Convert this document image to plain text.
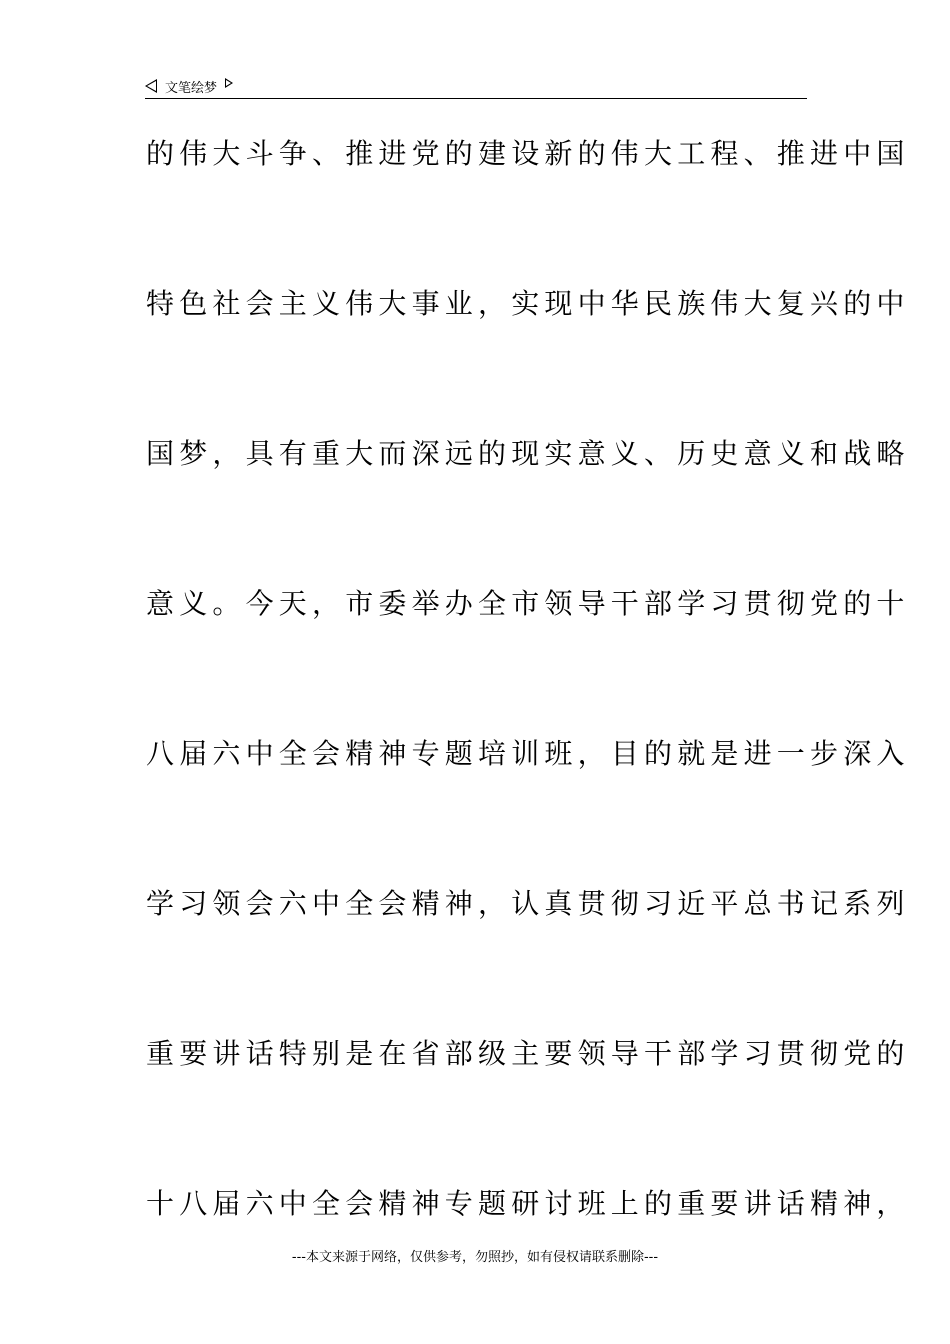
文笔绘梦
的伟大斗争、推进党的建设新的伟大工程、推进中国
特色社会主义伟大事业，实现中华民族伟大复兴的中
国梦，具有重大而深远的现实意义、历史意义和战略
意义。今天，市委举办全市领导干部学习贯彻党的十
八届六中全会精神专题培训班，目的就是进一步深入
学习领会六中全会精神，认真贯彻习近平总书记系列
重要讲话特别是在省部级主要领导干部学习贯彻党的
十八届六中全会精神专题研讨班上的重要讲话精神，
---本文来源于网络，仅供参考，勿照抄，如有侵权请联系删除---
